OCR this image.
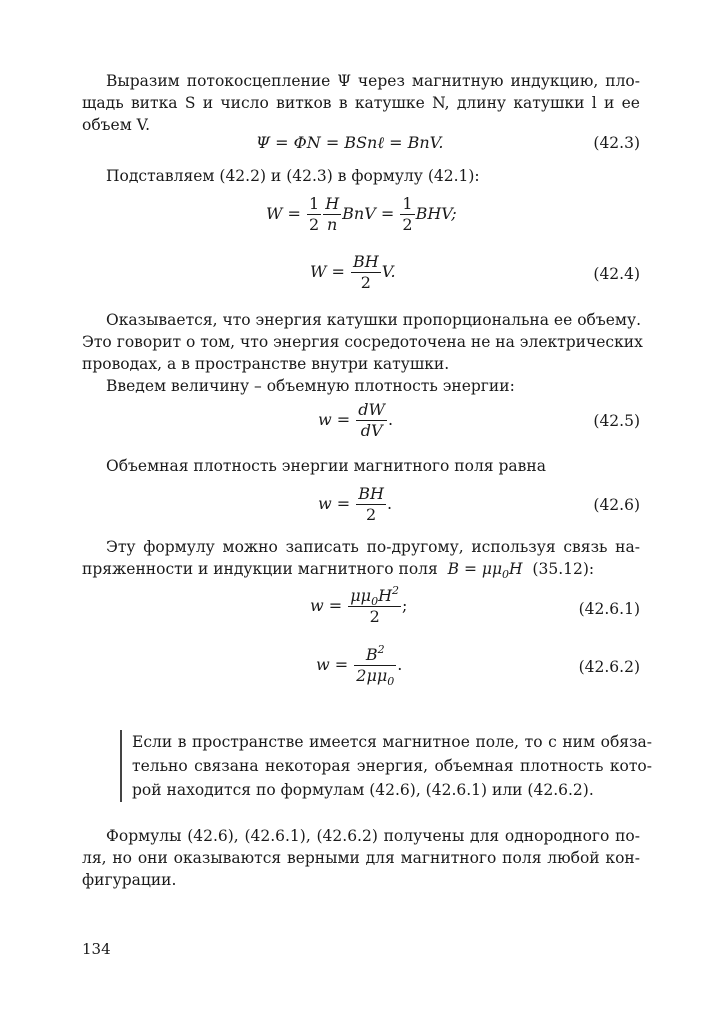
Выразим потокосцепление Ψ через магнитную индукцию, пло-
щадь витка S и число витков в катушке N, длину катушки l и ее
объем V.
Ψ = ΦN = BSnℓ = BnV.	(42.3)
Подставляем (42.2) и (42.3) в формулу (42.1):
$W = \frac{1}{2} \frac{H}{n}$ BnV = $\frac{1}{2}$ BHV;
$W = \frac{BH}{2} V$.	(42.4)
Оказывается, что энергия катушки пропорциональна ее объему.
Это говорит о том, что энергия сосредоточена не на электрических
проводах, а в пространстве внутри катушки.
Введем величину – объемную плотность энергии:
$w = \frac{dW}{dV}$ .	(42.5)
Объемная плотность энергии магнитного поля равна
$w = \frac{BH}{2}$ .	(42.6)
Эту формулу можно записать по-другому, используя связь на-
пряженности и индукции магнитного поля $B = \mu\mu_0H$ (35.12):
$w = \frac{\mu\mu_0H^2}{2}$ ;	(42.6.1)
$w = \frac{B^2}{2\mu\mu_0}$ .	(42.6.2)
Если в пространстве имеется магнитное поле, то с ним обяза-
тельно связана некоторая энергия, объемная плотность кото-
рой находится по формулам (42.6), (42.6.1) или (42.6.2).
Формулы (42.6), (42.6.1), (42.6.2) получены для однородного по-
ля, но они оказываются верными для магнитного поля любой кон-
фигурации.
134
